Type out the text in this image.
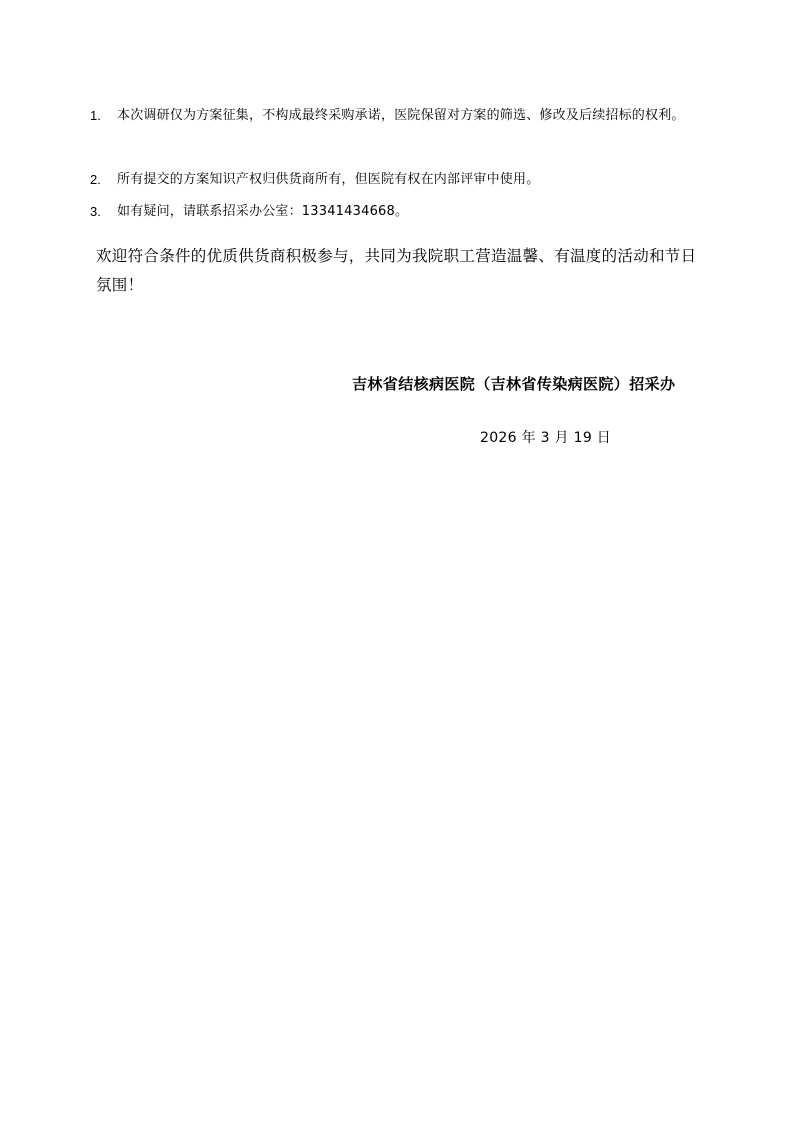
1.	本次调研仅为方案征集，不构成最终采购承诺，医院保留对方案的筛选、修改及后续招标的权利。
2.	所有提交的方案知识产权归供货商所有，但医院有权在内部评审中使用。
3.	如有疑问，请联系招采办公室：13341434668。

欢迎符合条件的优质供货商积极参与，共同为我院职工营造温馨、有温度的活动和节日氛围！

吉林省结核病医院（吉林省传染病医院）招采办

2026 年 3 月 19 日
